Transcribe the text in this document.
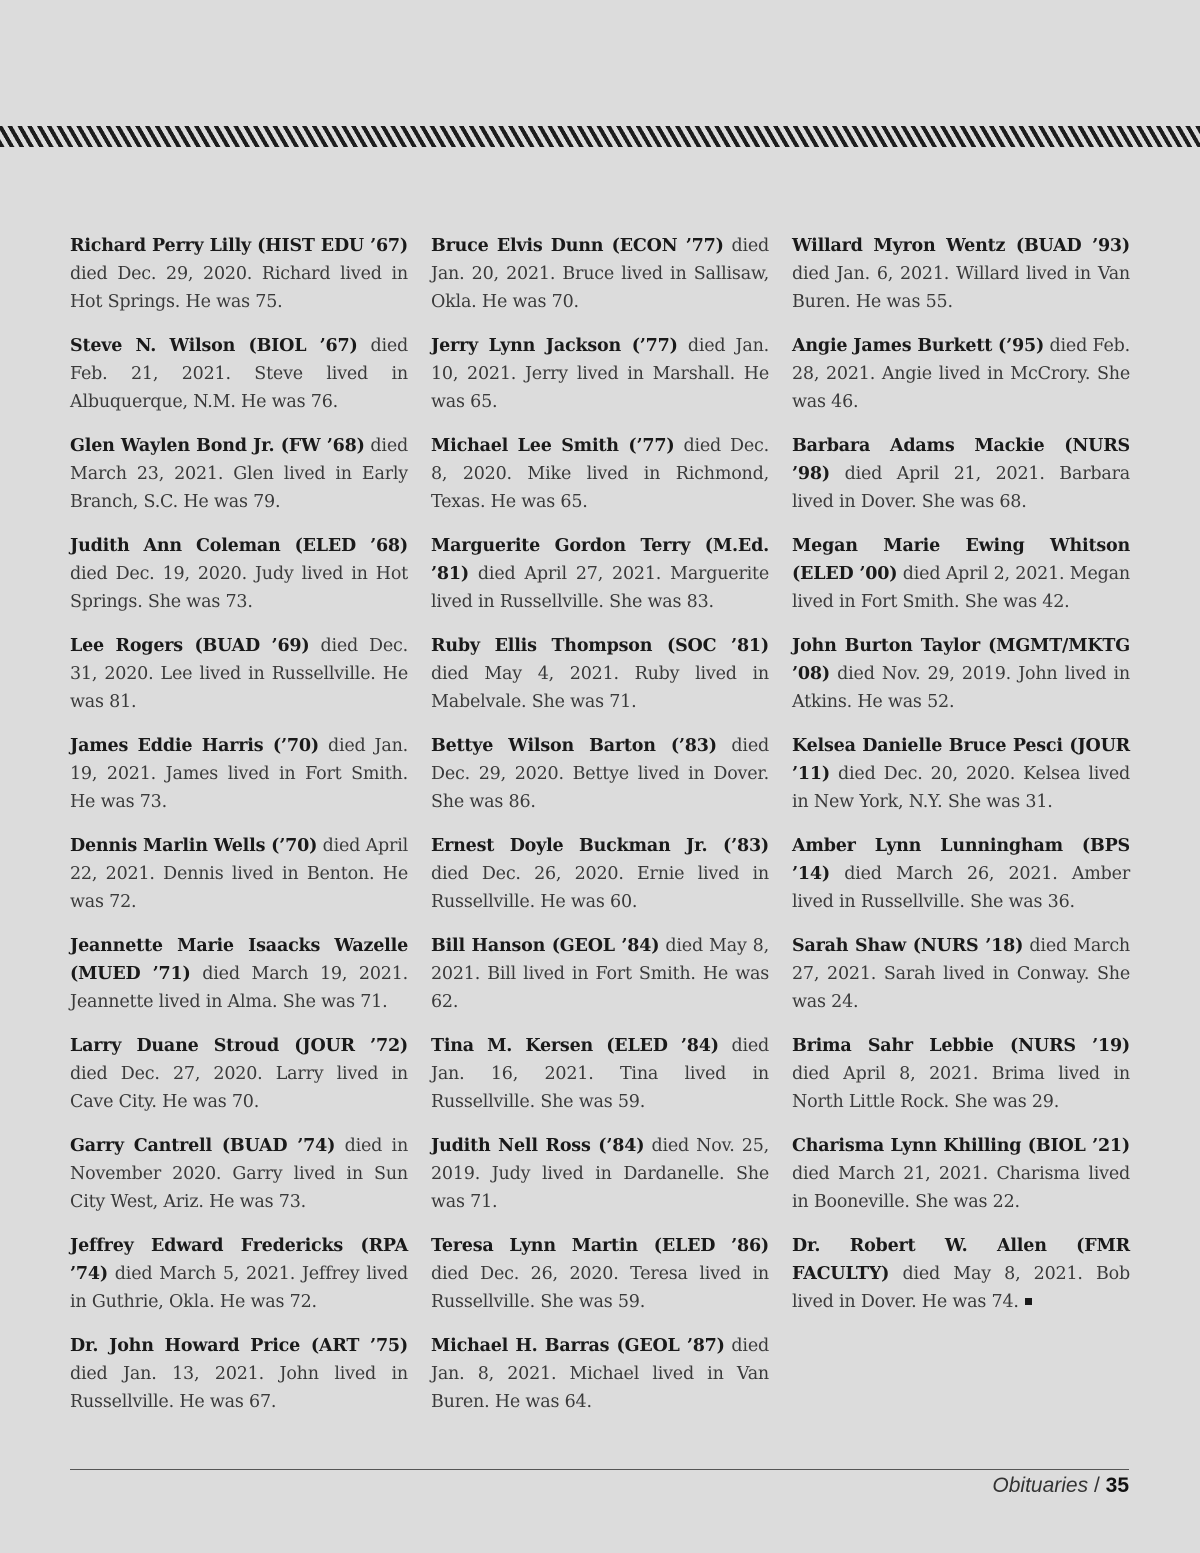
Richard Perry Lilly (HIST EDU ’67) died Dec. 29, 2020. Richard lived in Hot Springs. He was 75.

Steve N. Wilson (BIOL ’67) died Feb. 21, 2021. Steve lived in Albuquerque, N.M. He was 76.

Glen Waylen Bond Jr. (FW ’68) died March 23, 2021. Glen lived in Early Branch, S.C. He was 79.

Judith Ann Coleman (ELED ’68) died Dec. 19, 2020. Judy lived in Hot Springs. She was 73.

Lee Rogers (BUAD ’69) died Dec. 31, 2020. Lee lived in Russellville. He was 81.

James Eddie Harris (’70) died Jan. 19, 2021. James lived in Fort Smith. He was 73.

Dennis Marlin Wells (’70) died April 22, 2021. Dennis lived in Benton. He was 72.

Jeannette Marie Isaacks Wazelle (MUED ’71) died March 19, 2021. Jeannette lived in Alma. She was 71.

Larry Duane Stroud (JOUR ’72) died Dec. 27, 2020. Larry lived in Cave City. He was 70.

Garry Cantrell (BUAD ’74) died in November 2020. Garry lived in Sun City West, Ariz. He was 73.

Jeffrey Edward Fredericks (RPA ’74) died March 5, 2021. Jeffrey lived in Guthrie, Okla. He was 72.

Dr. John Howard Price (ART ’75) died Jan. 13, 2021. John lived in Russellville. He was 67.

Bruce Elvis Dunn (ECON ’77) died Jan. 20, 2021. Bruce lived in Sallisaw, Okla. He was 70.

Jerry Lynn Jackson (’77) died Jan. 10, 2021. Jerry lived in Marshall. He was 65.

Michael Lee Smith (’77) died Dec. 8, 2020. Mike lived in Richmond, Texas. He was 65.

Marguerite Gordon Terry (M.Ed. ’81) died April 27, 2021. Marguerite lived in Russellville. She was 83.

Ruby Ellis Thompson (SOC ’81) died May 4, 2021. Ruby lived in Mabelvale. She was 71.

Bettye Wilson Barton (’83) died Dec. 29, 2020. Bettye lived in Dover. She was 86.

Ernest Doyle Buckman Jr. (’83) died Dec. 26, 2020. Ernie lived in Russellville. He was 60.

Bill Hanson (GEOL ’84) died May 8, 2021. Bill lived in Fort Smith. He was 62.

Tina M. Kersen (ELED ’84) died Jan. 16, 2021. Tina lived in Russellville. She was 59.

Judith Nell Ross (’84) died Nov. 25, 2019. Judy lived in Dardanelle. She was 71.

Teresa Lynn Martin (ELED ’86) died Dec. 26, 2020. Teresa lived in Russellville. She was 59.

Michael H. Barras (GEOL ’87) died Jan. 8, 2021. Michael lived in Van Buren. He was 64.

Willard Myron Wentz (BUAD ’93) died Jan. 6, 2021. Willard lived in Van Buren. He was 55.

Angie James Burkett (’95) died Feb. 28, 2021. Angie lived in McCrory. She was 46.

Barbara Adams Mackie (NURS ’98) died April 21, 2021. Barbara lived in Dover. She was 68.

Megan Marie Ewing Whitson (ELED ’00) died April 2, 2021. Megan lived in Fort Smith. She was 42.

John Burton Taylor (MGMT/MKTG ’08) died Nov. 29, 2019. John lived in Atkins. He was 52.

Kelsea Danielle Bruce Pesci (JOUR ’11) died Dec. 20, 2020. Kelsea lived in New York, N.Y. She was 31.

Amber Lynn Lunningham (BPS ’14) died March 26, 2021. Amber lived in Russellville. She was 36.

Sarah Shaw (NURS ’18) died March 27, 2021. Sarah lived in Conway. She was 24.

Brima Sahr Lebbie (NURS ’19) died April 8, 2021. Brima lived in North Little Rock. She was 29.

Charisma Lynn Khilling (BIOL ’21) died March 21, 2021. Charisma lived in Booneville. She was 22.

Dr. Robert W. Allen (FMR FACULTY) died May 8, 2021. Bob lived in Dover. He was 74.

Obituaries / 35
